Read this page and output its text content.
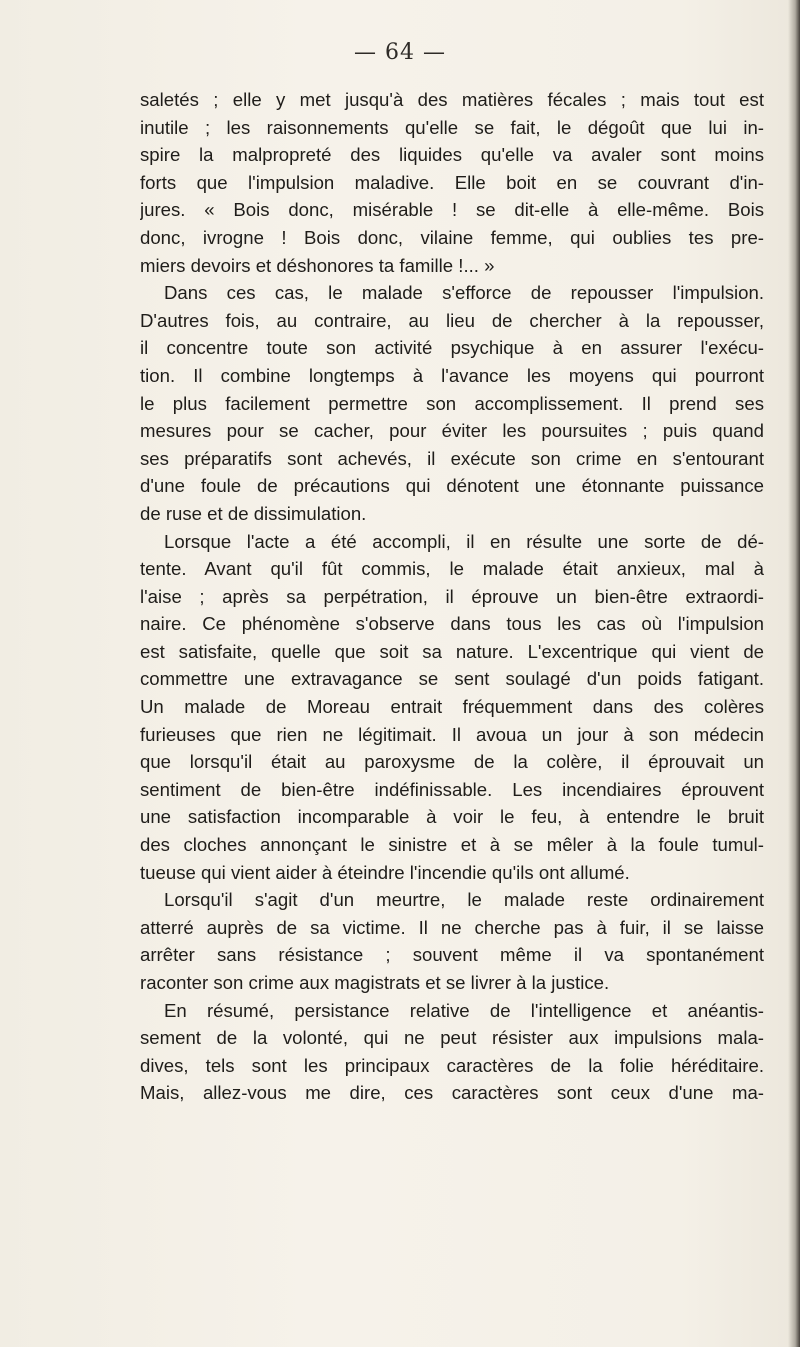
— 64 —
saletés ; elle y met jusqu'à des matières fécales ; mais tout est
inutile ; les raisonnements qu'elle se fait, le dégoût que lui in-
spire la malpropreté des liquides qu'elle va avaler sont moins
forts que l'impulsion maladive. Elle boit en se couvrant d'in-
jures. « Bois donc, misérable ! se dit-elle à elle-même. Bois
donc, ivrogne ! Bois donc, vilaine femme, qui oublies tes pre-
miers devoirs et déshonores ta famille !... »
Dans ces cas, le malade s'efforce de repousser l'impulsion.
D'autres fois, au contraire, au lieu de chercher à la repousser,
il concentre toute son activité psychique à en assurer l'exécu-
tion. Il combine longtemps à l'avance les moyens qui pourront
le plus facilement permettre son accomplissement. Il prend ses
mesures pour se cacher, pour éviter les poursuites ; puis quand
ses préparatifs sont achevés, il exécute son crime en s'entourant
d'une foule de précautions qui dénotent une étonnante puissance
de ruse et de dissimulation.
Lorsque l'acte a été accompli, il en résulte une sorte de dé-
tente. Avant qu'il fût commis, le malade était anxieux, mal à
l'aise ; après sa perpétration, il éprouve un bien-être extraordi-
naire. Ce phénomène s'observe dans tous les cas où l'impulsion
est satisfaite, quelle que soit sa nature. L'excentrique qui vient de
commettre une extravagance se sent soulagé d'un poids fatigant.
Un malade de Moreau entrait fréquemment dans des colères
furieuses que rien ne légitimait. Il avoua un jour à son médecin
que lorsqu'il était au paroxysme de la colère, il éprouvait un
sentiment de bien-être indéfinissable. Les incendiaires éprouvent
une satisfaction incomparable à voir le feu, à entendre le bruit
des cloches annonçant le sinistre et à se mêler à la foule tumul-
tueuse qui vient aider à éteindre l'incendie qu'ils ont allumé.
Lorsqu'il s'agit d'un meurtre, le malade reste ordinairement
atterré auprès de sa victime. Il ne cherche pas à fuir, il se laisse
arrêter sans résistance ; souvent même il va spontanément
raconter son crime aux magistrats et se livrer à la justice.
En résumé, persistance relative de l'intelligence et anéantis-
sement de la volonté, qui ne peut résister aux impulsions mala-
dives, tels sont les principaux caractères de la folie héréditaire.
Mais, allez-vous me dire, ces caractères sont ceux d'une ma-
